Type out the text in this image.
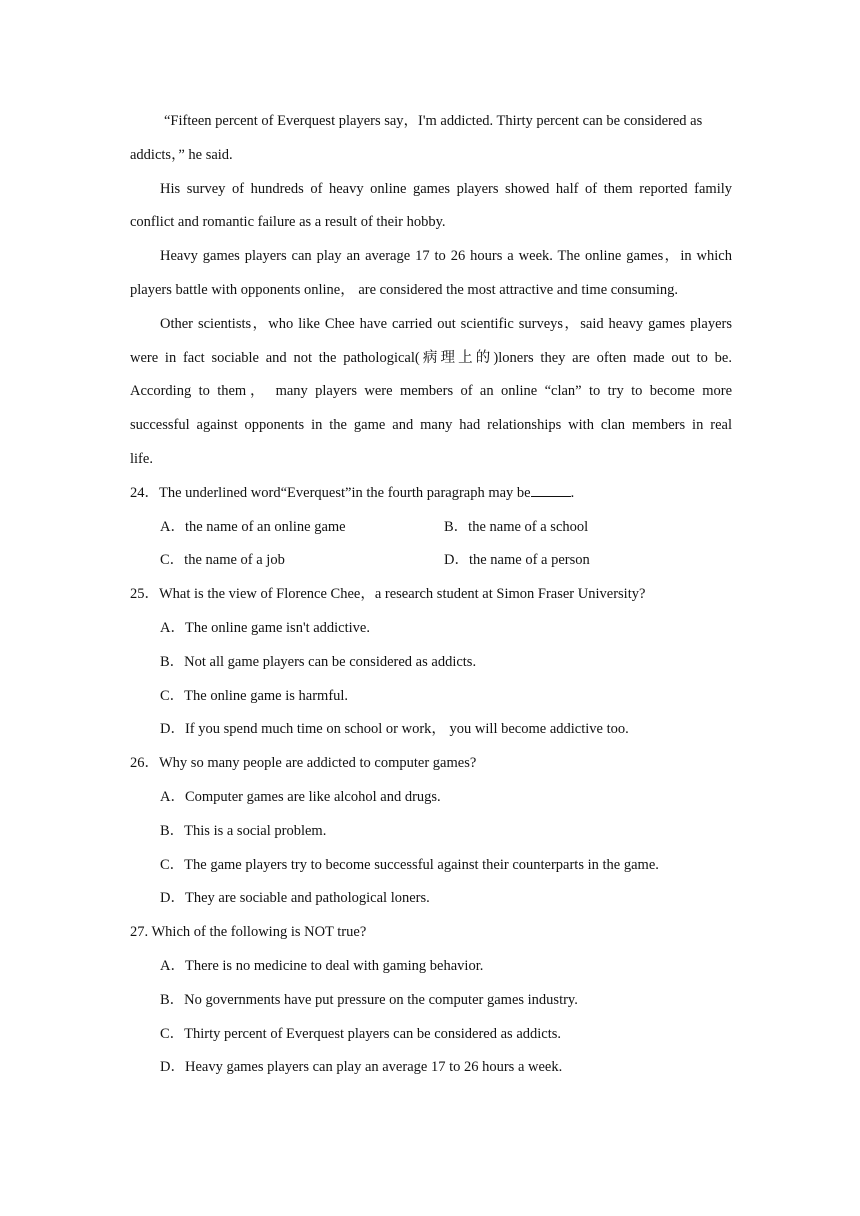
“Fifteen percent of Everquest players say，I'm addicted. Thirty percent can be considered as
addicts，” he said.
His survey of hundreds of heavy online games players showed half of them reported family
conflict and romantic failure as a result of their hobby.
Heavy games players can play an average 17 to 26 hours a week. The online games，in which
players battle with opponents online， are considered the most attractive and time consuming.
Other scientists，who like Chee have carried out scientific surveys，said heavy games players
were in fact sociable and not the pathological(病理上的)loners they are often made out to be.
According to them， many players were members of an online “clan” to try to become more
successful against opponents in the game and many had relationships with clan members in real
life.
24．The underlined word“Everquest”in the fourth paragraph may be	.
A．the name of an online game	B．the name of a school
C．the name of a job	D．the name of a person
25．What is the view of Florence Chee，a research student at Simon Fraser University?
A．The online game isn't addictive.
B．Not all game players can be considered as addicts.
C．The online game is harmful.
D．If you spend much time on school or work， you will become addictive too.
26．Why so many people are addicted to computer games?
A．Computer games are like alcohol and drugs.
B．This is a social problem.
C．The game players try to become successful against their counterparts in the game.
D．They are sociable and pathological loners.
27. Which of the following is NOT true?
A．There is no medicine to deal with gaming behavior.
B．No governments have put pressure on the computer games industry.
C．Thirty percent of Everquest players can be considered as addicts.
D．Heavy games players can play an average 17 to 26 hours a week.
